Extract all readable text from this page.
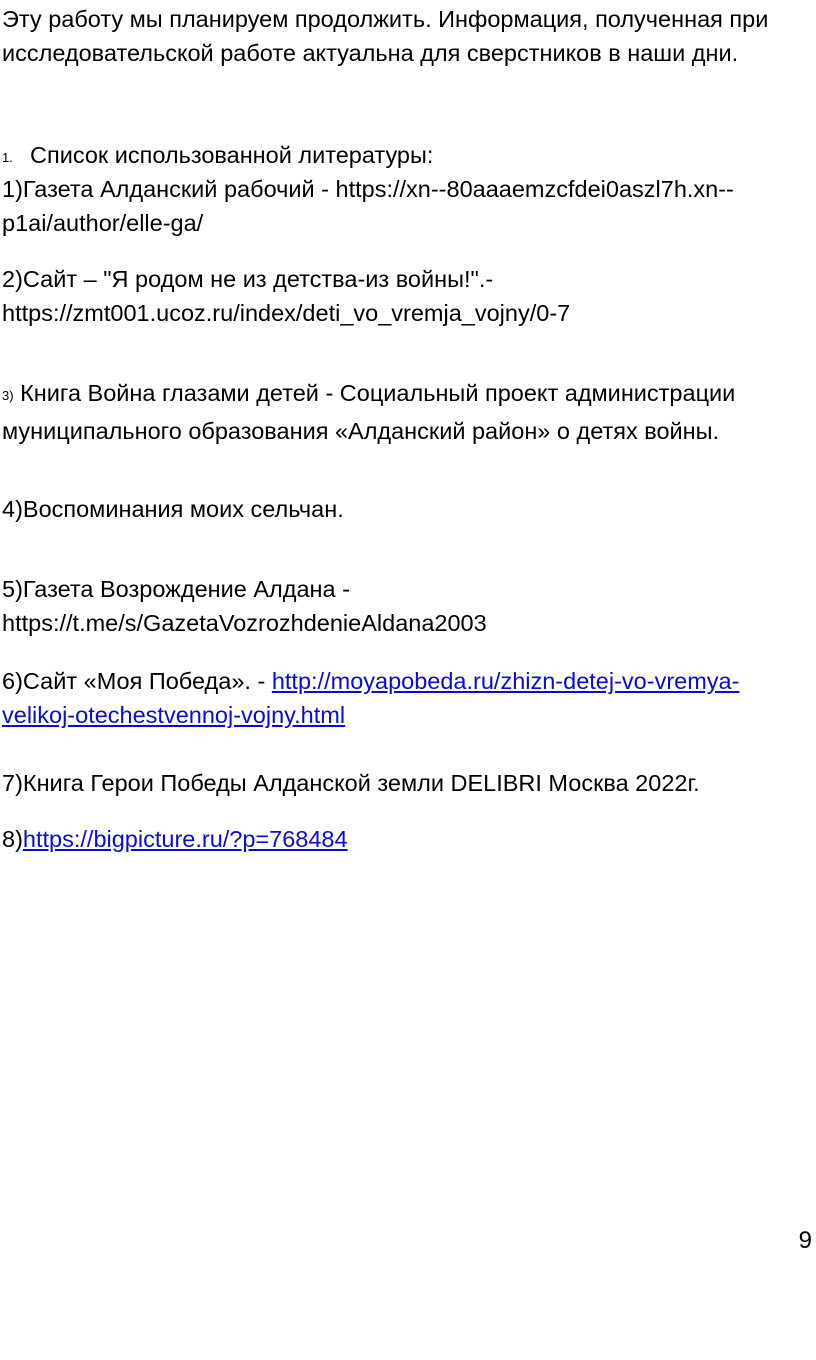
Эту работу мы планируем продолжить. Информация, полученная при исследовательской работе актуальна для сверстников в наши дни.

1. Список использованной литературы:

1)Газета Алданский рабочий - https://xn--80aaaemzcfdei0aszl7h.xn--p1ai/author/elle-ga/

2)Сайт – "Я родом не из детства-из войны!".- https://zmt001.ucoz.ru/index/deti_vo_vremja_vojny/0-7

3) Книга Война глазами детей - Социальный проект администрации муниципального образования «Алданский район» о детях войны.

4)Воспоминания моих сельчан.

5)Газета Возрождение Алдана - https://t.me/s/GazetaVozrozhdenieAldana2003

6)Сайт «Моя Победа». - http://moyapobeda.ru/zhizn-detej-vo-vremya-velikoj-otechestvennoj-vojny.html

7)Книга Герои Победы Алданской земли DELIBRI Москва 2022г.

8)https://bigpicture.ru/?p=768484

9
